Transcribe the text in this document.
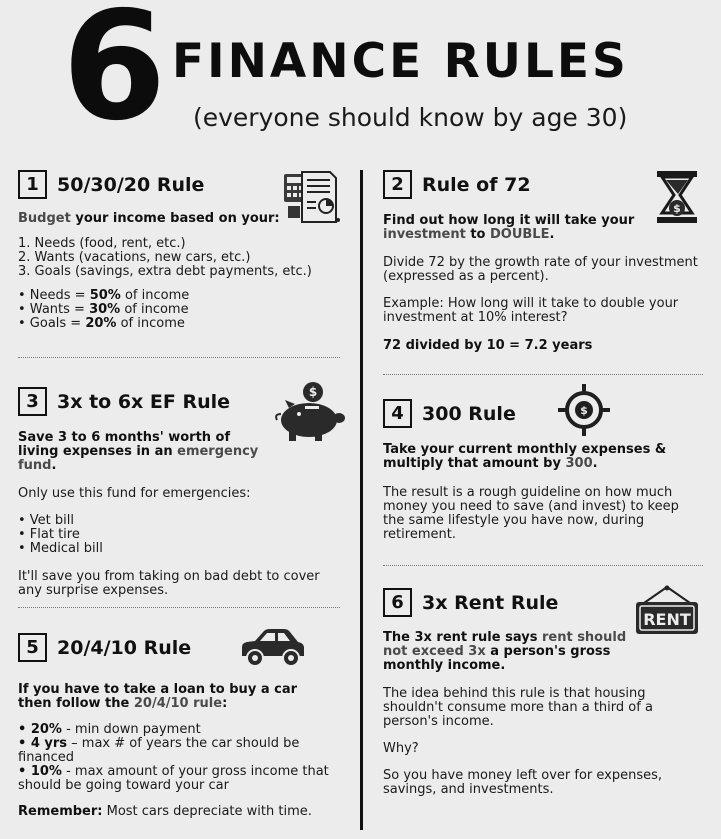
6 FINANCE RULES
(everyone should know by age 30)
1 50/30/20 Rule

Budget your income based on your:

1. Needs (food, rent, etc.)

2. Wants (vacations, new cars, etc.)

3. Goals (savings, extra debt payments, etc.)

• Needs = 50% of income

• Wants = 30% of income

• Goals = 20% of income

2 Rule of 72

Find out how long it will take your investment to DOUBLE.

Divide 72 by the growth rate of your investment (expressed as a percent).

Example: How long will it take to double your investment at 10% interest?

72 divided by 10 = 7.2 years

$
3 3x to 6x EF Rule

Save 3 to 6 months' worth of living expenses in an emergency fund.

Only use this fund for emergencies:

• Vet bill

• Flat tire

• Medical bill

It'll save you from taking on bad debt to cover any surprise expenses.

$
4 300 Rule

Take your current monthly expenses & multiply that amount by 300.

The result is a rough guideline on how much money you need to save (and invest) to keep the same lifestyle you have now, during retirement.

$
5 20/4/10 Rule

If you have to take a loan to buy a car then follow the 20/4/10 rule:

• 20% - min down payment

• 4 yrs – max # of years the car should be financed

• 10% - max amount of your gross income that should be going toward your car

Remember: Most cars depreciate with time.

6 3x Rent Rule

The 3x rent rule says rent should not exceed 3x a person's gross monthly income.

The idea behind this rule is that housing shouldn't consume more than a third of a person's income.

Why?

So you have money left over for expenses, savings, and investments.

RENT
